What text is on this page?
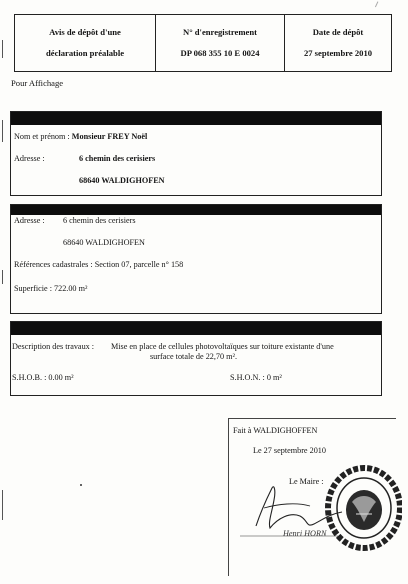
Avis de dépôt d'une
déclaration préalable
N° d'enregistrement
DP 068 355 10 E 0024
Date de dépôt
27 septembre 2010
Pour Affichage
Nom et prénom : Monsieur FREY Noël
Adresse :	6 chemin des cerisiers
68640 WALDIGHOFEN
Adresse : 6 chemin des cerisiers
68640 WALDIGHOFEN
Références cadastrales : Section 07, parcelle n° 158
Superficie : 722.00 m²
Description des travaux : Mise en place de cellules photovoltaïques sur toiture existante d'une
surface totale de 22,70 m².
S.H.O.B. : 0.00 m²	S.H.O.N. : 0 m²
Fait à WALDIGHOFFEN
Le 27 septembre 2010
Le Maire :
Henri HORN
